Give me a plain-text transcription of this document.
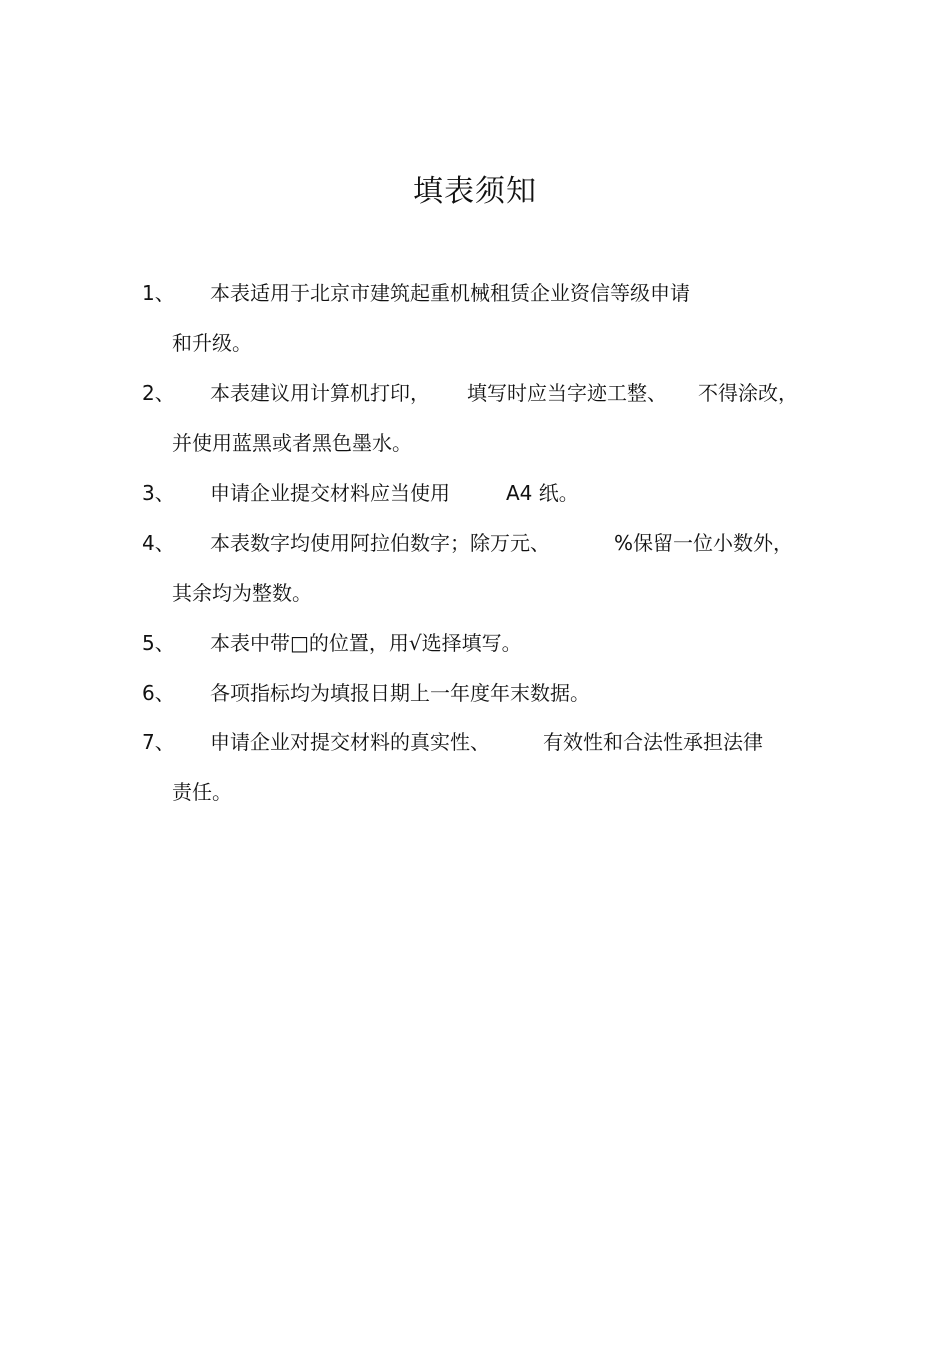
填表须知
1、 本表适用于北京市建筑起重机械租赁企业资信等级申请
和升级。
2、 本表建议用计算机打印， 填写时应当字迹工整、 不得涂改，
并使用蓝黑或者黑色墨水。
3、 申请企业提交材料应当使用	A4 纸。
4、 本表数字均使用阿拉伯数字；除万元、	%保留一位小数外，
其余均为整数。
5、 本表中带□的位置，用√选择填写。
6、 各项指标均为填报日期上一年度年末数据。
7、 申请企业对提交材料的真实性、	有效性和合法性承担法律
责任。
